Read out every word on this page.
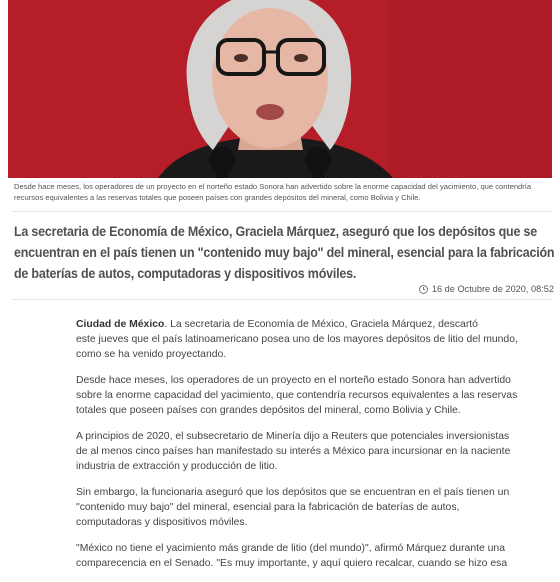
Desde hace meses, los operadores de un proyecto en el norteño estado Sonora han advertido sobre la enorme capacidad del yacimiento, que contendría
recursos equivalentes a las reservas totales que poseen países con grandes depósitos del mineral, como Bolivia y Chile.
La secretaria de Economía de México, Graciela Márquez, aseguró que los depósitos que se
encuentran en el país tienen un "contenido muy bajo" del mineral, esencial para la fabricación
de baterías de autos, computadoras y dispositivos móviles.
16 de Octubre de 2020, 08:52

Ciudad de México. La secretaria de Economía de México, Graciela Márquez, descartó
este jueves que el país latinoamericano posea uno de los mayores depósitos de litio del mundo,
como se ha venido proyectando.

Desde hace meses, los operadores de un proyecto en el norteño estado Sonora han advertido
sobre la enorme capacidad del yacimiento, que contendría recursos equivalentes a las reservas
totales que poseen países con grandes depósitos del mineral, como Bolivia y Chile.

A principios de 2020, el subsecretario de Minería dijo a Reuters que potenciales inversionistas
de al menos cinco países han manifestado su interés a México para incursionar en la naciente
industria de extracción y producción de litio.

Sin embargo, la funcionaria aseguró que los depósitos que se encuentran en el país tienen un
"contenido muy bajo" del mineral, esencial para la fabricación de baterías de autos,
computadoras y dispositivos móviles.

"México no tiene el yacimiento más grande de litio (del mundo)", afirmó Márquez durante una
comparecencia en el Senado. "Es muy importante, y aquí quiero recalcar, cuando se hizo esa
